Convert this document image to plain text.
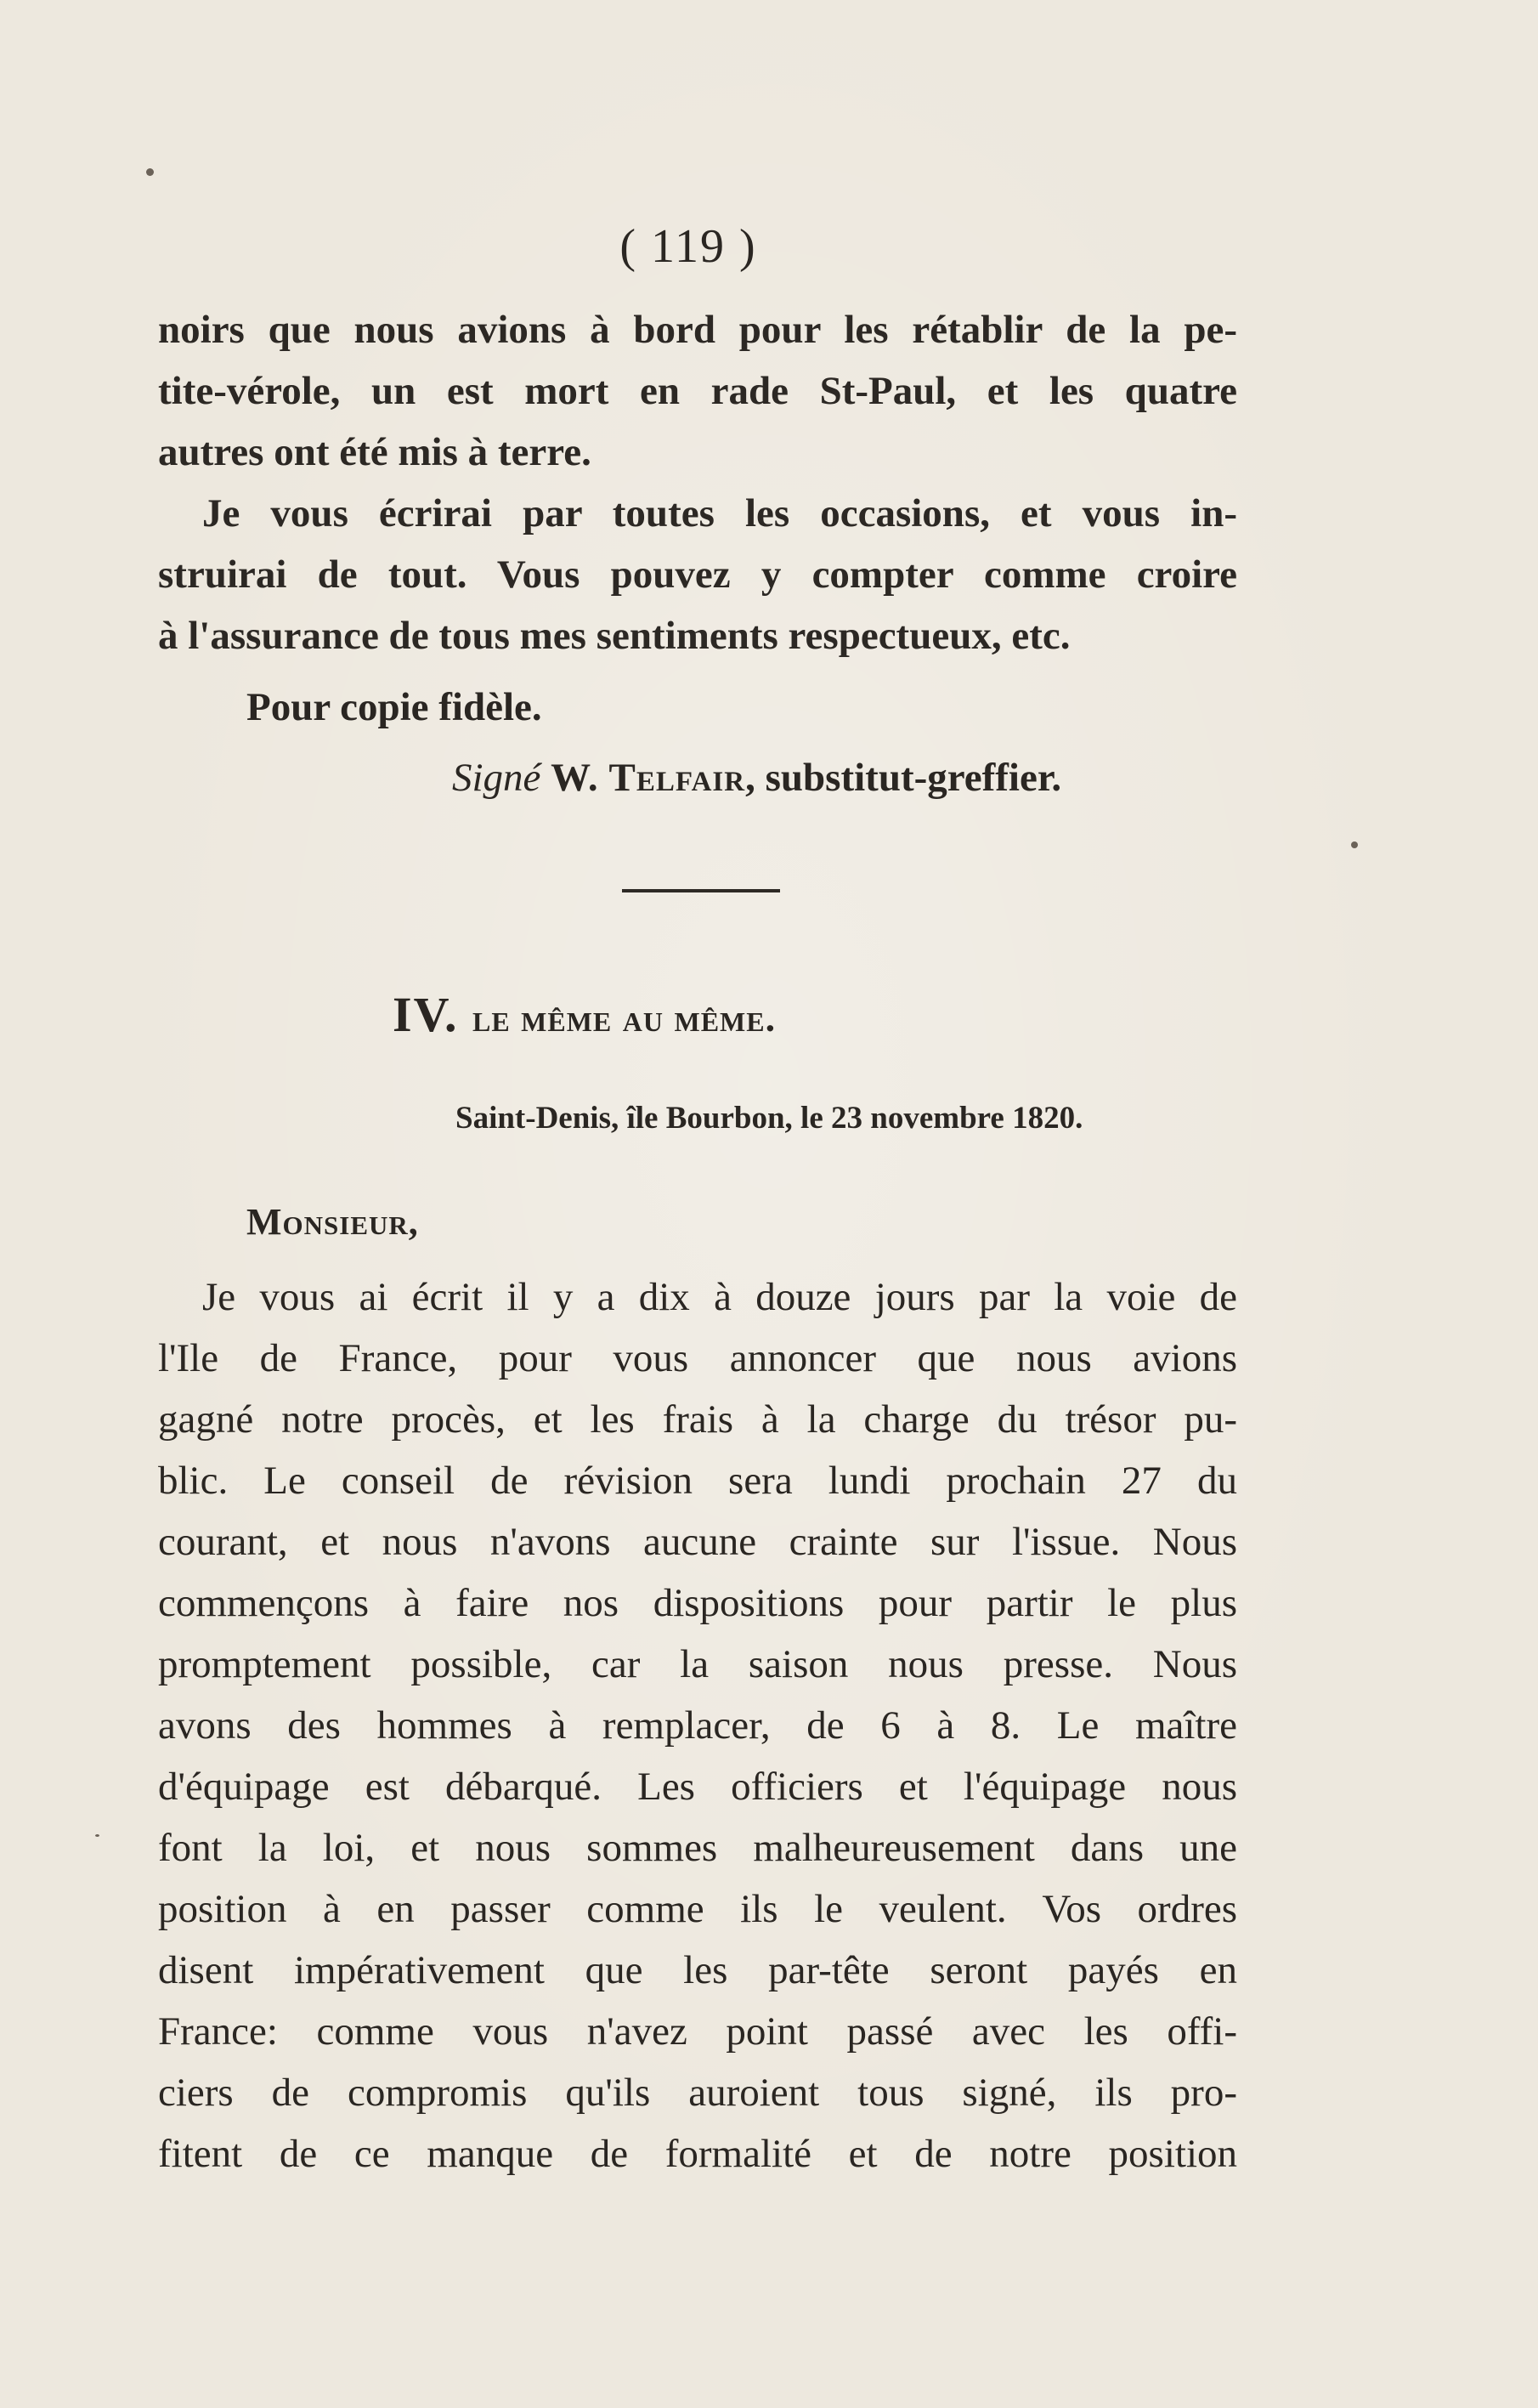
( 119 )
noirs que nous avions à bord pour les rétablir de la pe-
tite-vérole, un est mort en rade St-Paul, et les quatre
autres ont été mis à terre.
Je vous écrirai par toutes les occasions, et vous in-
struirai de tout. Vous pouvez y compter comme croire
à l'assurance de tous mes sentiments respectueux, etc.
Pour copie fidèle.
Signé W. Telfair, substitut-greffier.
IV. le même au même.
Saint-Denis, île Bourbon, le 23 novembre 1820.
Monsieur,
Je vous ai écrit il y a dix à douze jours par la voie de
l'Ile de France, pour vous annoncer que nous avions
gagné notre procès, et les frais à la charge du trésor pu-
blic. Le conseil de révision sera lundi prochain 27 du
courant, et nous n'avons aucune crainte sur l'issue. Nous
commençons à faire nos dispositions pour partir le plus
promptement possible, car la saison nous presse. Nous
avons des hommes à remplacer, de 6 à 8. Le maître
d'équipage est débarqué. Les officiers et l'équipage nous
font la loi, et nous sommes malheureusement dans une
position à en passer comme ils le veulent. Vos ordres
disent impérativement que les par-tête seront payés en
France: comme vous n'avez point passé avec les offi-
ciers de compromis qu'ils auroient tous signé, ils pro-
fitent de ce manque de formalité et de notre position
